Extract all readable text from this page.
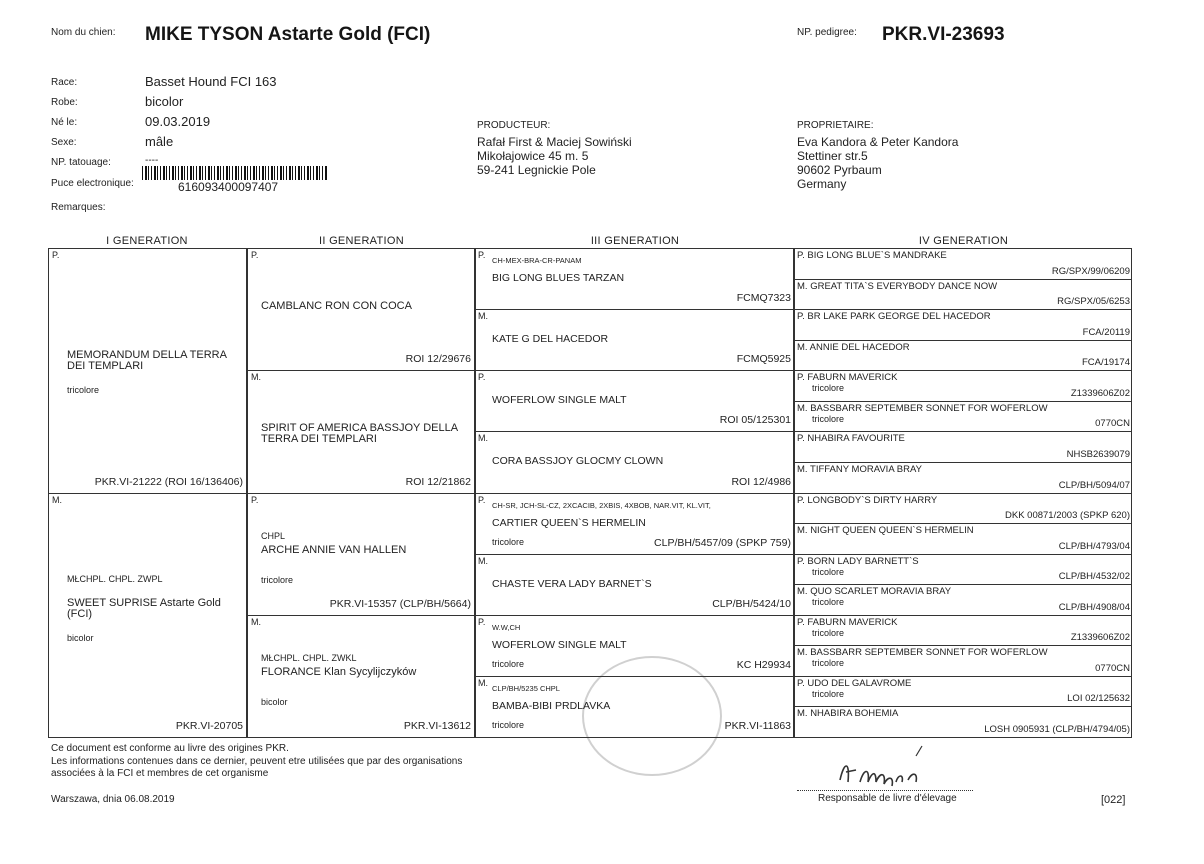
Nom du chien: MIKE TYSON Astarte Gold (FCI)	NP. pedigree: PKR.VI-23693
Race:	Basset Hound FCI 163
Robe:	bicolor
Né le:	09.03.2019
Sexe:	mâle
NP. tatouage:	----
Puce electronique:	616093400097407
Remarques:
PRODUCTEUR:
Rafał First & Maciej Sowiński
Mikołajowice 45 m. 5
59-241 Legnickie Pole
PROPRIETAIRE:
Eva Kandora & Peter Kandora
Stettiner str.5
90602 Pyrbaum
Germany
I GENERATION	II GENERATION	III GENERATION	IV GENERATION
P.
MEMORANDUM DELLA TERRA DEI TEMPLARI
tricolore
PKR.VI-21222 (ROI 16/136406)
M.
MŁCHPL. CHPL. ZWPL
SWEET SUPRISE Astarte Gold (FCI)
bicolor
PKR.VI-20705
P.
CAMBLANC RON CON COCA
ROI 12/29676
M.
SPIRIT OF AMERICA BASSJOY DELLA TERRA DEI TEMPLARI
ROI 12/21862
P.
CHPL
ARCHE ANNIE VAN HALLEN
tricolore
PKR.VI-15357 (CLP/BH/5664)
M.
MŁCHPL. CHPL. ZWKL
FLORANCE Klan Sycylijczyków
bicolor
PKR.VI-13612
P.
CH-MEX-BRA-CR-PANAM
BIG LONG BLUES TARZAN
FCMQ7323
M.
KATE G DEL HACEDOR
FCMQ5925
P.
WOFERLOW SINGLE MALT
ROI 05/125301
M.
CORA BASSJOY GLOCMY CLOWN
ROI 12/4986
P.
CH-SR, JCH-SL-CZ, 2XCACIB, 2XBIS, 4XBOB, NAR.VIT, KL.VIT,
CARTIER QUEEN`S HERMELIN
tricolore	CLP/BH/5457/09 (SPKP 759)
M.
CHASTE VERA LADY BARNET`S
CLP/BH/5424/10
P.
W.W,CH
WOFERLOW SINGLE MALT
tricolore	KC H29934
M.
CLP/BH/5235 CHPL
BAMBA-BIBI PRDLAVKA
tricolore	PKR.VI-11863
P. BIG LONG BLUE`S MANDRAKE
RG/SPX/99/06209
M. GREAT TITA`S EVERYBODY DANCE NOW
RG/SPX/05/6253
P. BR LAKE PARK GEORGE DEL HACEDOR
FCA/20119
M. ANNIE DEL HACEDOR
FCA/19174
P. FABURN MAVERICK
tricolore	Z1339606Z02
M. BASSBARR SEPTEMBER SONNET FOR WOFERLOW
tricolore	0770CN
P. NHABIRA FAVOURITE
NHSB2639079
M. TIFFANY MORAVIA BRAY
CLP/BH/5094/07
P. LONGBODY`S DIRTY HARRY
DKK 00871/2003 (SPKP 620)
M. NIGHT QUEEN QUEEN`S HERMELIN
CLP/BH/4793/04
P. BORN LADY BARNETT`S
tricolore	CLP/BH/4532/02
M. QUO SCARLET MORAVIA BRAY
tricolore	CLP/BH/4908/04
P. FABURN MAVERICK
tricolore	Z1339606Z02
M. BASSBARR SEPTEMBER SONNET FOR WOFERLOW
tricolore	0770CN
P. UDO DEL GALAVROME
tricolore	LOI 02/125632
M. NHABIRA BOHEMIA
LOSH 0905931 (CLP/BH/4794/05)
Ce document est conforme au livre des origines PKR.
Les informations contenues dans ce dernier, peuvent etre utilisées que par des organisations
associées à la FCI et membres de cet organisme
Warszawa, dnia 06.08.2019	Responsable de livre d'élevage	[022]
